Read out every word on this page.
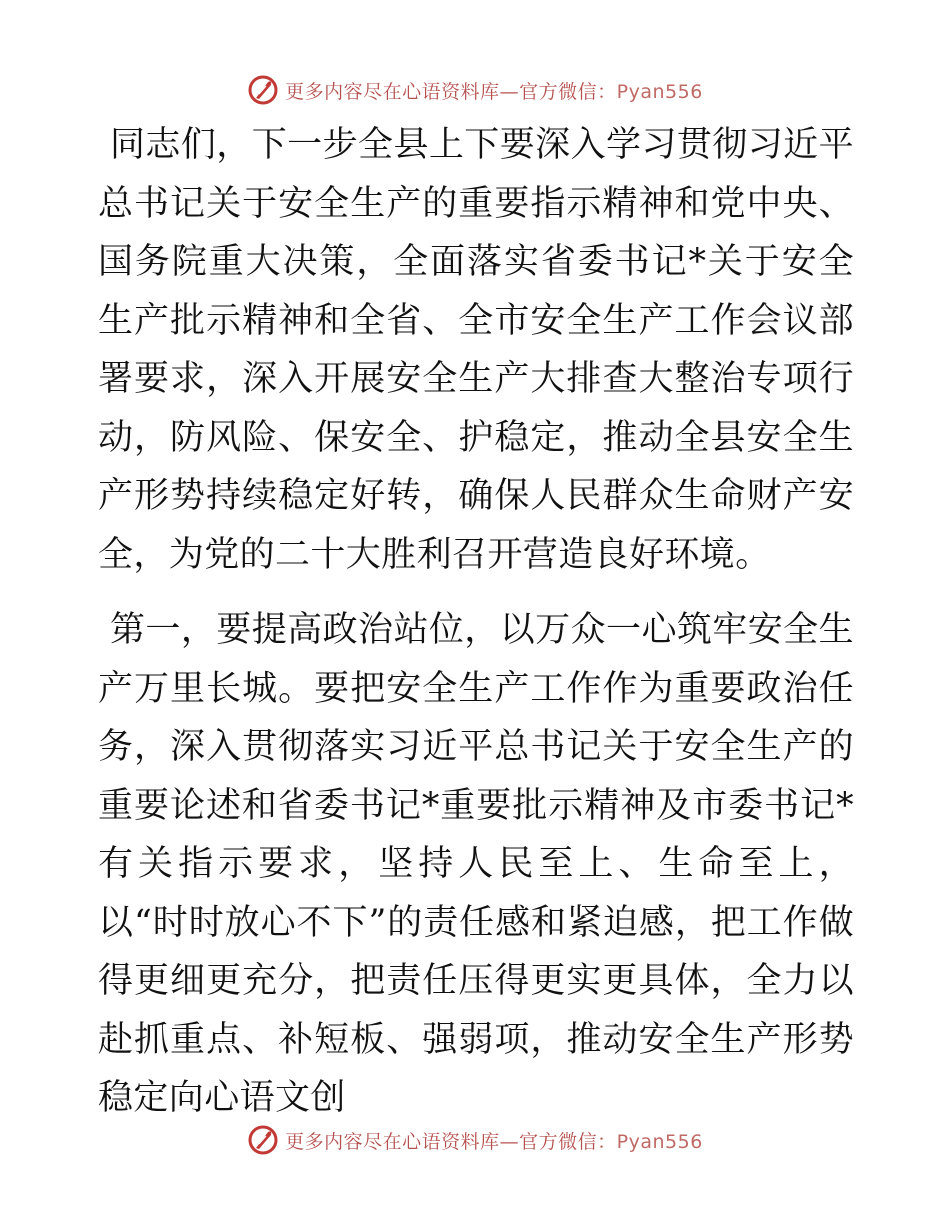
更多内容尽在心语资料库—官方微信：Pyan556

同志们，下一步全县上下要深入学习贯彻习近平总书记关于安全生产的重要指示精神和党中央、国务院重大决策，全面落实省委书记*关于安全生产批示精神和全省、全市安全生产工作会议部署要求，深入开展安全生产大排查大整治专项行动，防风险、保安全、护稳定，推动全县安全生产形势持续稳定好转，确保人民群众生命财产安全，为党的二十大胜利召开营造良好环境。

第一，要提高政治站位，以万众一心筑牢安全生产万里长城。要把安全生产工作作为重要政治任务，深入贯彻落实习近平总书记关于安全生产的重要论述和省委书记*重要批示精神及市委书记*有关指示要求，坚持人民至上、生命至上，以“时时放心不下”的责任感和紧迫感，把工作做得更细更充分，把责任压得更实更具体，全力以赴抓重点、补短板、强弱项，推动安全生产形势稳定向心语文创

更多内容尽在心语资料库—官方微信：Pyan556
